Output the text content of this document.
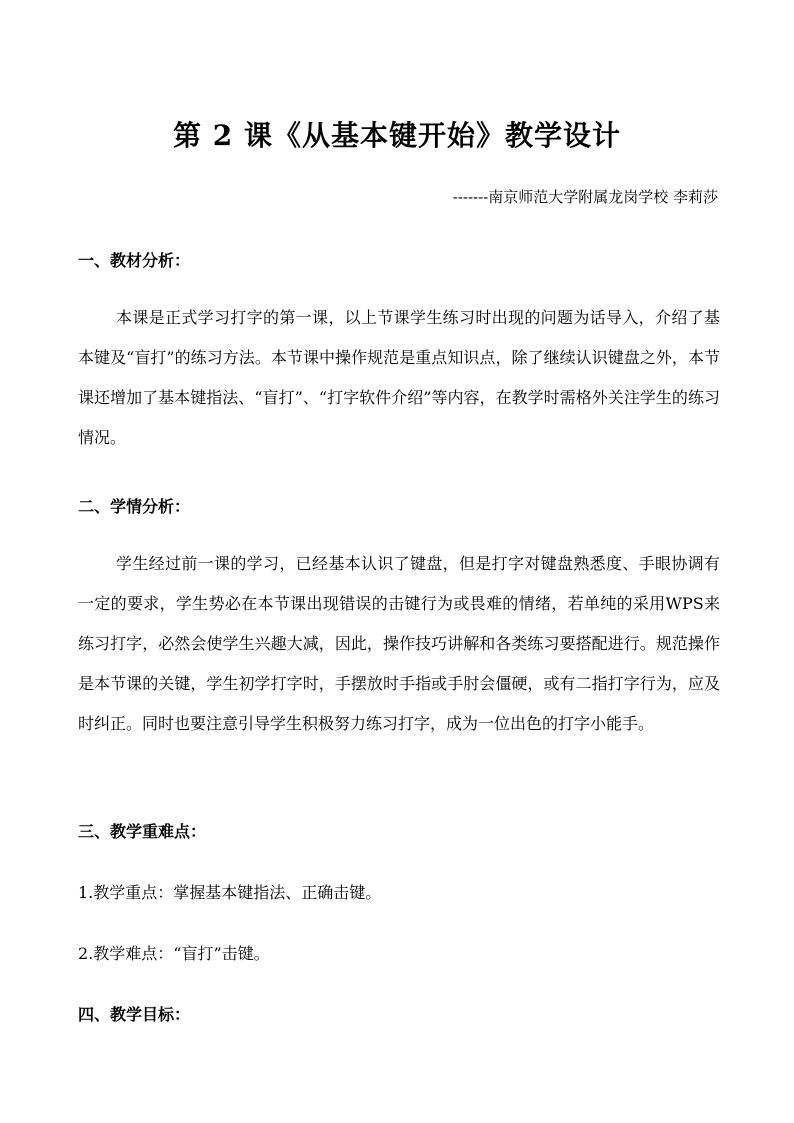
第 2 课《从基本键开始》教学设计
-------南京师范大学附属龙岗学校 李莉莎
一、教材分析：
本课是正式学习打字的第一课，以上节课学生练习时出现的问题为话导入，介绍了基本键及“盲打”的练习方法。本节课中操作规范是重点知识点，除了继续认识键盘之外，本节课还增加了基本键指法、“盲打”、“打字软件介绍”等内容，在教学时需格外关注学生的练习情况。
二、学情分析：
学生经过前一课的学习，已经基本认识了键盘，但是打字对键盘熟悉度、手眼协调有一定的要求，学生势必在本节课出现错误的击键行为或畏难的情绪，若单纯的采用WPS来练习打字，必然会使学生兴趣大减，因此，操作技巧讲解和各类练习要搭配进行。规范操作是本节课的关键，学生初学打字时，手摆放时手指或手肘会僵硬，或有二指打字行为，应及时纠正。同时也要注意引导学生积极努力练习打字，成为一位出色的打字小能手。
三、教学重难点：
1.教学重点：掌握基本键指法、正确击键。
2.教学难点：“盲打”击键。
四、教学目标：
